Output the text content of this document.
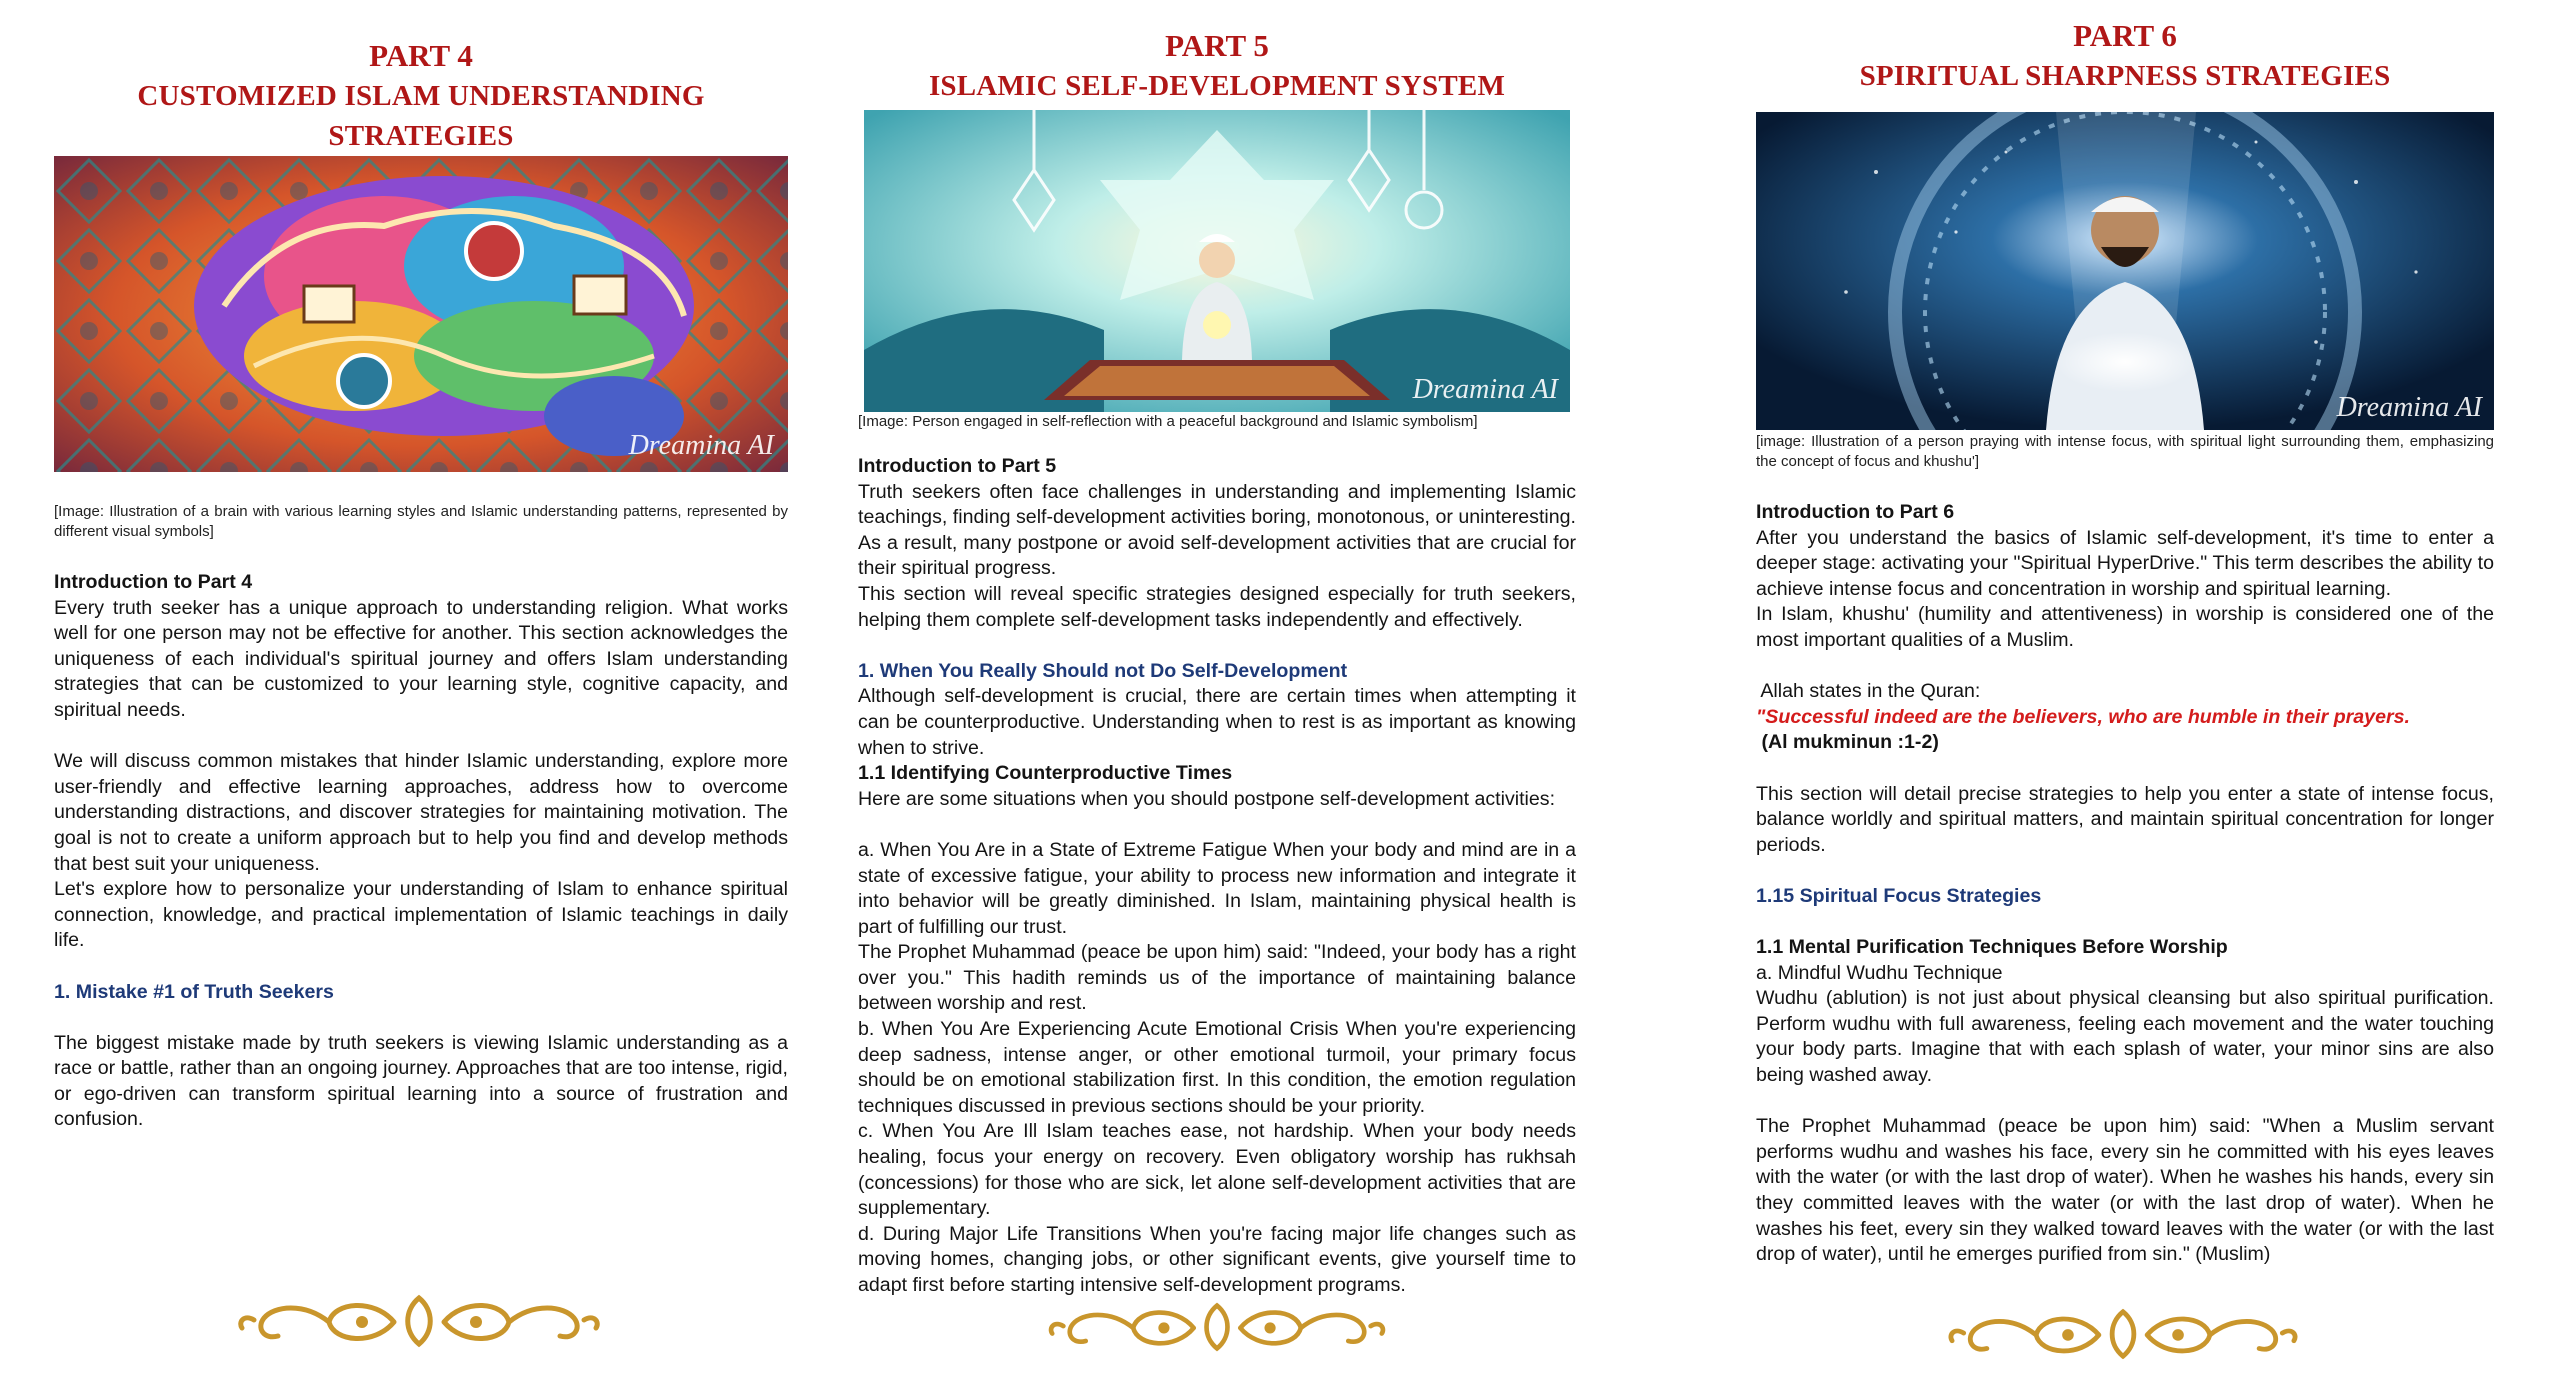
PART 4
CUSTOMIZED ISLAM UNDERSTANDING STRATEGIES
Dreamina AI
[Image: Illustration of a brain with various learning styles and Islamic understanding patterns, represented by different visual symbols]

Introduction to Part 4

Every truth seeker has a unique approach to understanding religion. What works well for one person may not be effective for another. This section acknowledges the uniqueness of each individual's spiritual journey and offers Islam understanding strategies that can be customized to your learning style, cognitive capacity, and spiritual needs.

We will discuss common mistakes that hinder Islamic understanding, explore more user-friendly and effective learning approaches, address how to overcome understanding distractions, and discover strategies for maintaining motivation. The goal is not to create a uniform approach but to help you find and develop methods that best suit your uniqueness.

Let's explore how to personalize your understanding of Islam to enhance spiritual connection, knowledge, and practical implementation of Islamic teachings in daily life.

1. Mistake #1 of Truth Seekers

The biggest mistake made by truth seekers is viewing Islamic understanding as a race or battle, rather than an ongoing journey. Approaches that are too intense, rigid, or ego-driven can transform spiritual learning into a source of frustration and confusion.

PART 5
ISLAMIC SELF-DEVELOPMENT SYSTEM
Dreamina AI
[Image: Person engaged in self-reflection with a peaceful background and Islamic symbolism]

Introduction to Part 5

Truth seekers often face challenges in understanding and implementing Islamic teachings, finding self-development activities boring, monotonous, or uninteresting. As a result, many postpone or avoid self-development activities that are crucial for their spiritual progress.

This section will reveal specific strategies designed especially for truth seekers, helping them complete self-development tasks independently and effectively.

1. When You Really Should not Do Self-Development

Although self-development is crucial, there are certain times when attempting it can be counterproductive. Understanding when to rest is as important as knowing when to strive.

1.1 Identifying Counterproductive Times

Here are some situations when you should postpone self-development activities:

a. When You Are in a State of Extreme Fatigue When your body and mind are in a state of excessive fatigue, your ability to process new information and integrate it into behavior will be greatly diminished. In Islam, maintaining physical health is part of fulfilling our trust.

The Prophet Muhammad (peace be upon him) said: "Indeed, your body has a right over you." This hadith reminds us of the importance of maintaining balance between worship and rest.

b. When You Are Experiencing Acute Emotional Crisis When you're experiencing deep sadness, intense anger, or other emotional turmoil, your primary focus should be on emotional stabilization first. In this condition, the emotion regulation techniques discussed in previous sections should be your priority.

c. When You Are Ill Islam teaches ease, not hardship. When your body needs healing, focus your energy on recovery. Even obligatory worship has rukhsah (concessions) for those who are sick, let alone self-development activities that are supplementary.

d. During Major Life Transitions When you're facing major life changes such as moving homes, changing jobs, or other significant events, give yourself time to adapt first before starting intensive self-development programs.

PART 6
SPIRITUAL SHARPNESS STRATEGIES
Dreamina AI
[image: Illustration of a person praying with intense focus, with spiritual light surrounding them, emphasizing the concept of focus and khushu']

Introduction to Part 6

After you understand the basics of Islamic self-development, it's time to enter a deeper stage: activating your "Spiritual HyperDrive." This term describes the ability to achieve intense focus and concentration in worship and spiritual learning.

In Islam, khushu' (humility and attentiveness) in worship is considered one of the most important qualities of a Muslim.

Allah states in the Quran:

"Successful indeed are the believers, who are humble in their prayers.

(Al mukminun :1-2)

This section will detail precise strategies to help you enter a state of intense focus, balance worldly and spiritual matters, and maintain spiritual concentration for longer periods.

1.15 Spiritual Focus Strategies

1.1 Mental Purification Techniques Before Worship

a. Mindful Wudhu Technique

Wudhu (ablution) is not just about physical cleansing but also spiritual purification. Perform wudhu with full awareness, feeling each movement and the water touching your body parts. Imagine that with each splash of water, your minor sins are also being washed away.

The Prophet Muhammad (peace be upon him) said: "When a Muslim servant performs wudhu and washes his face, every sin he committed with his eyes leaves with the water (or with the last drop of water). When he washes his hands, every sin they committed leaves with the water (or with the last drop of water). When he washes his feet, every sin they walked toward leaves with the water (or with the last drop of water), until he emerges purified from sin." (Muslim)
